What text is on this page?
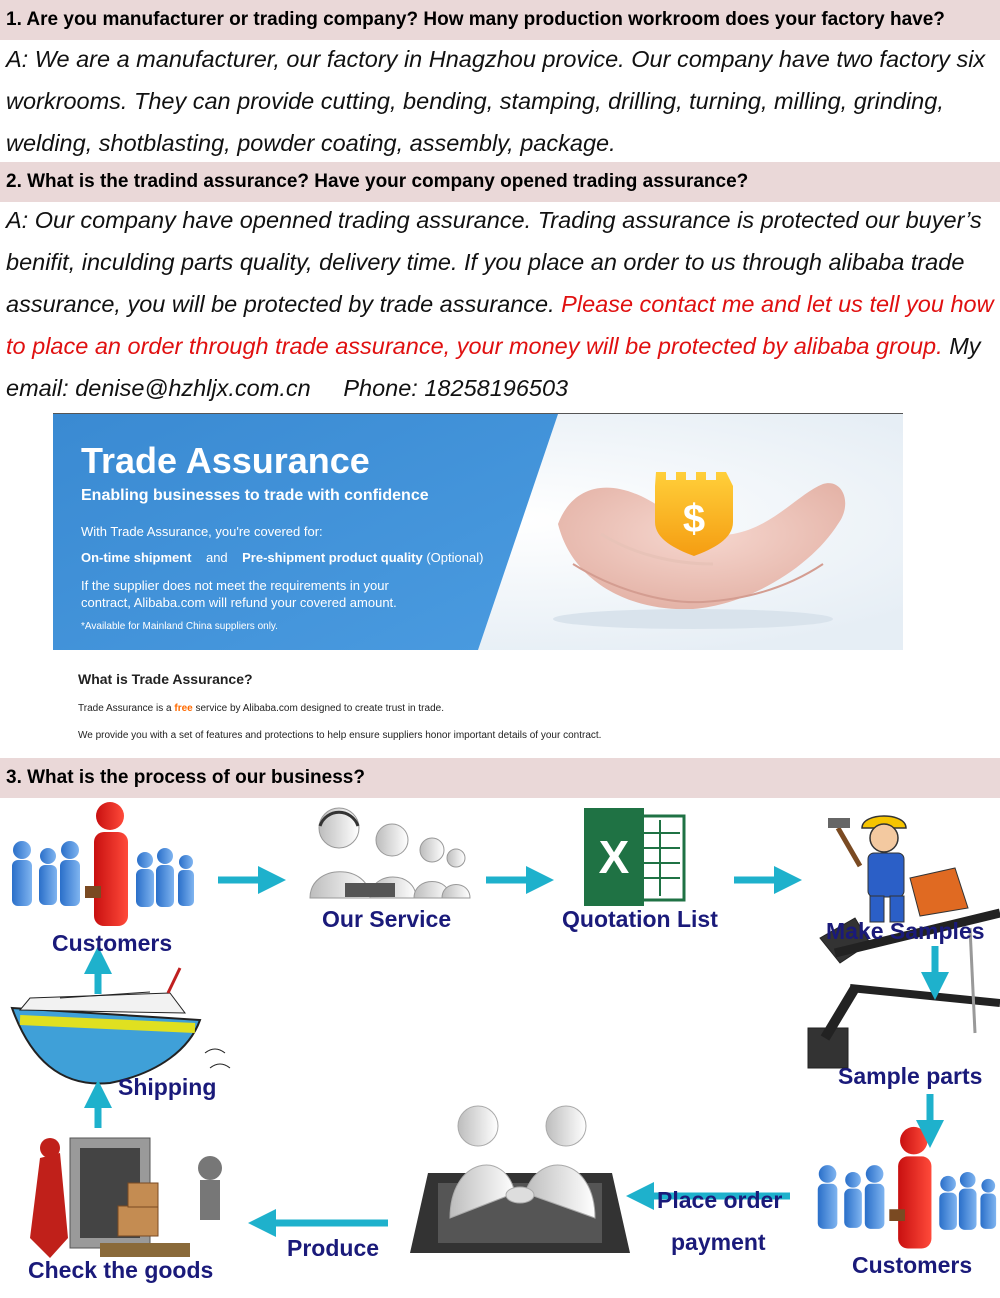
1. Are you manufacturer or trading company? How many production workroom does your factory have?
A: We are a manufacturer, our factory in Hnagzhou provice. Our company have two factory six workrooms. They can provide cutting, bending, stamping, drilling, turning, milling, grinding, welding, shotblasting, powder coating, assembly, package.
2. What is the tradind assurance? Have your company opened trading assurance?
A: Our company have openned trading assurance. Trading assurance is protected our buyer’s benifit, inculding parts quality, delivery time. If you place an order to us through alibaba trade assurance, you will be protected by trade assurance. Please contact me and let us tell you how to place an order through trade assurance, your money will be protected by alibaba group. My email: denise@hzhljx.com.cn Phone: 18258196503
$
Trade Assurance
Enabling businesses to trade with confidence
With Trade Assurance, you're covered for:
On-time shipment and Pre-shipment product quality (Optional)
If the supplier does not meet the requirements in your
contract, Alibaba.com will refund your covered amount.
*Available for Mainland China suppliers only.
What is Trade Assurance?
Trade Assurance is a free service by Alibaba.com designed to create trust in trade.
We provide you with a set of features and protections to help ensure suppliers honor important details of your contract.
3. What is the process of our business?
X
Customers
Our Service	Quotation List	Make Samples
Sample parts
Customers
Place order
payment
Produce
Check the goods
Shipping
